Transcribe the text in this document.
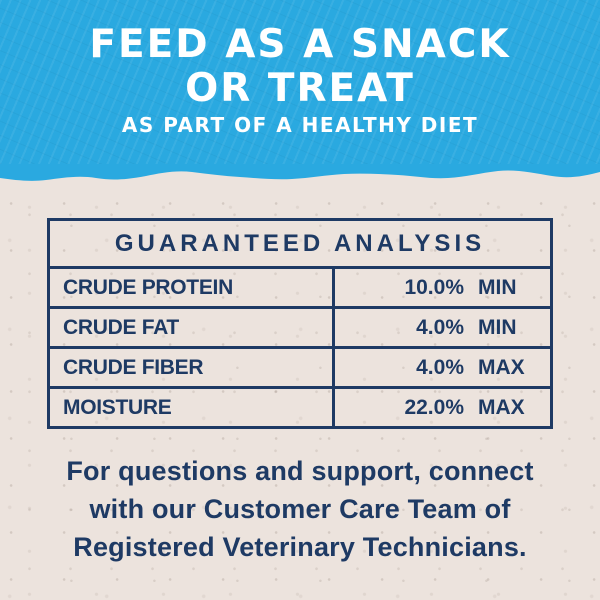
FEED AS A SNACK
OR TREAT
AS PART OF A HEALTHY DIET
GUARANTEED ANALYSIS
CRUDE PROTEIN	10.0% MIN
CRUDE FAT	4.0% MIN
CRUDE FIBER	4.0% MAX
MOISTURE	22.0% MAX
For questions and support, connect
with our Customer Care Team of
Registered Veterinary Technicians.
